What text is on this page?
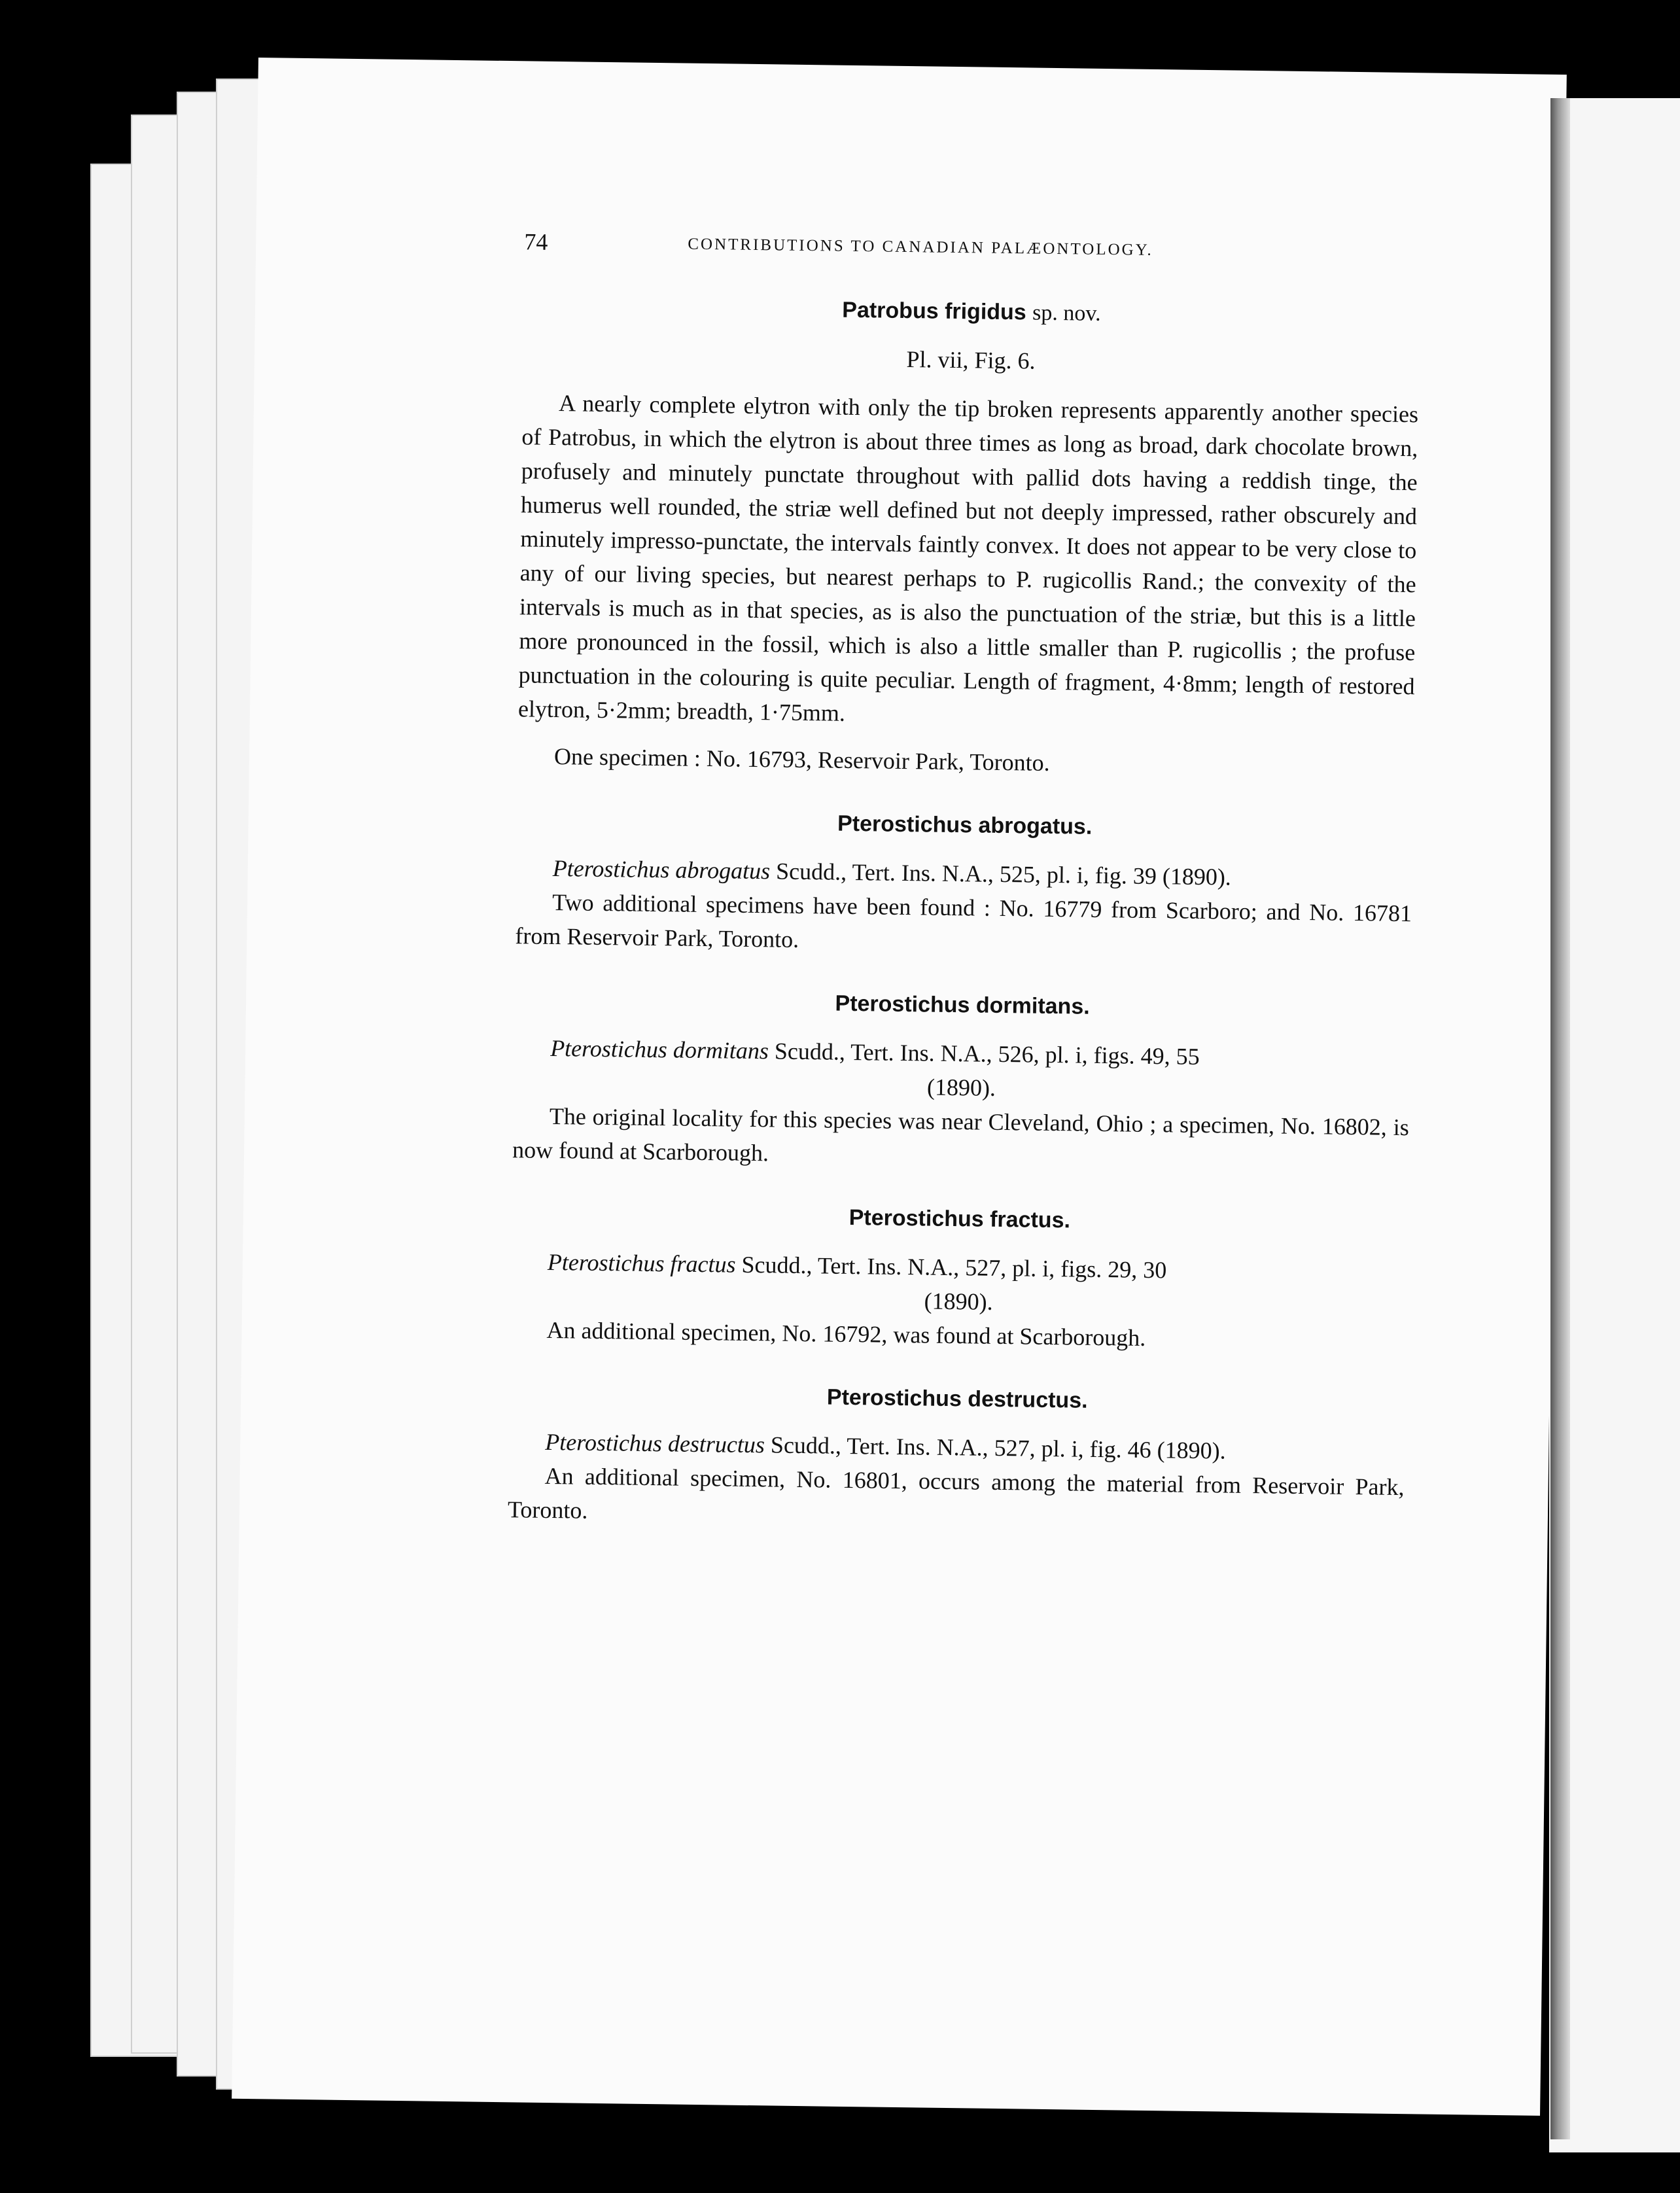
74	CONTRIBUTIONS TO CANADIAN PALÆONTOLOGY.
Patrobus frigidus sp. nov.

Pl. vii, Fig. 6.

A nearly complete elytron with only the tip broken represents apparently another species of Patrobus, in which the elytron is about three times as long as broad, dark chocolate brown, profusely and minutely punctate throughout with pallid dots having a reddish tinge, the humerus well rounded, the striæ well defined but not deeply impressed, rather obscurely and minutely impresso-punctate, the intervals faintly convex. It does not appear to be very close to any of our living species, but nearest perhaps to P. rugicollis Rand.; the convexity of the intervals is much as in that species, as is also the punctuation of the striæ, but this is a little more pronounced in the fossil, which is also a little smaller than P. rugicollis ; the profuse punctuation in the colouring is quite peculiar. Length of fragment, 4·8mm; length of restored elytron, 5·2mm; breadth, 1·75mm.

One specimen : No. 16793, Reservoir Park, Toronto.

Pterostichus abrogatus.

Pterostichus abrogatus Scudd., Tert. Ins. N.A., 525, pl. i, fig. 39 (1890).

Two additional specimens have been found : No. 16779 from Scarboro; and No. 16781 from Reservoir Park, Toronto.

Pterostichus dormitans.

Pterostichus dormitans Scudd., Tert. Ins. N.A., 526, pl. i, figs. 49, 55

(1890).

The original locality for this species was near Cleveland, Ohio ; a specimen, No. 16802, is now found at Scarborough.

Pterostichus fractus.

Pterostichus fractus Scudd., Tert. Ins. N.A., 527, pl. i, figs. 29, 30

(1890).

An additional specimen, No. 16792, was found at Scarborough.

Pterostichus destructus.

Pterostichus destructus Scudd., Tert. Ins. N.A., 527, pl. i, fig. 46 (1890).

An additional specimen, No. 16801, occurs among the material from Reservoir Park, Toronto.
